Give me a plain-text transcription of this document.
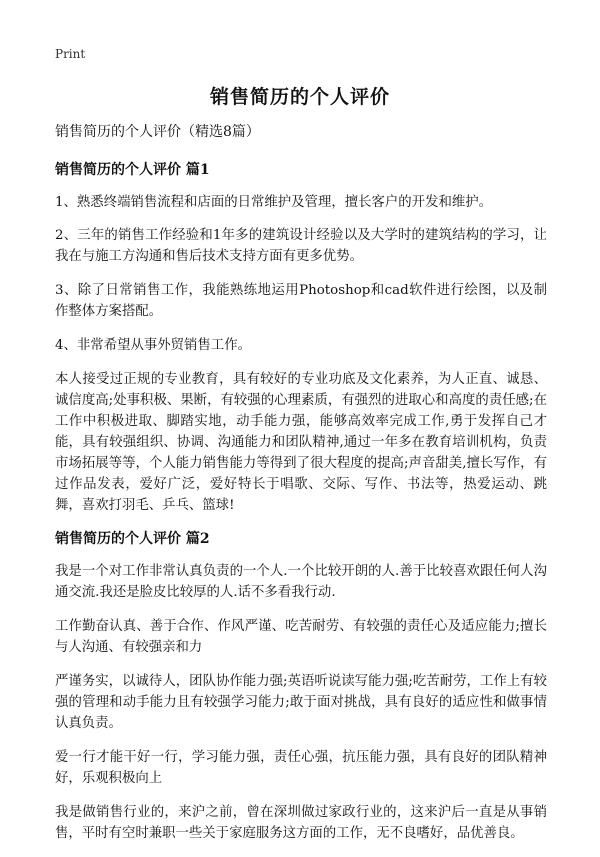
Print
销售简历的个人评价

销售简历的个人评价（精选8篇）

销售简历的个人评价 篇1

1、熟悉终端销售流程和店面的日常维护及管理，擅长客户的开发和维护。

2、三年的销售工作经验和1年多的建筑设计经验以及大学时的建筑结构的学习，让我在与施工方沟通和售后技术支持方面有更多优势。

3、除了日常销售工作，我能熟练地运用Photoshop和cad软件进行绘图，以及制作整体方案搭配。

4、非常希望从事外贸销售工作。

本人接受过正规的专业教育，具有较好的专业功底及文化素养，为人正直、诚恳、诚信度高;处事积极、果断，有较强的心理素质，有强烈的进取心和高度的责任感;在工作中积极进取、脚踏实地，动手能力强，能够高效率完成工作,勇于发挥自己才能，具有较强组织、协调、沟通能力和团队精神,通过一年多在教育培训机构，负责市场拓展等等，个人能力销售能力等得到了很大程度的提高;声音甜美,擅长写作，有过作品发表，爱好广泛，爱好特长于唱歌、交际、写作、书法等，热爱运动、跳舞，喜欢打羽毛、乒乓、篮球!

销售简历的个人评价 篇2

我是一个对工作非常认真负责的一个人.一个比较开朗的人.善于比较喜欢跟任何人沟通交流.我还是脸皮比较厚的人.话不多看我行动.

工作勤奋认真、善于合作、作风严谨、吃苦耐劳、有较强的责任心及适应能力;擅长与人沟通、有较强亲和力

严谨务实，以诚待人，团队协作能力强;英语听说读写能力强;吃苦耐劳，工作上有较强的管理和动手能力且有较强学习能力;敢于面对挑战，具有良好的适应性和做事情认真负责。

爱一行才能干好一行，学习能力强，责任心强，抗压能力强，具有良好的团队精神好，乐观积极向上

我是做销售行业的，来沪之前，曾在深圳做过家政行业的，这来沪后一直是从事销售，平时有空时兼职一些关于家庭服务这方面的工作，无不良嗜好，品优善良。
